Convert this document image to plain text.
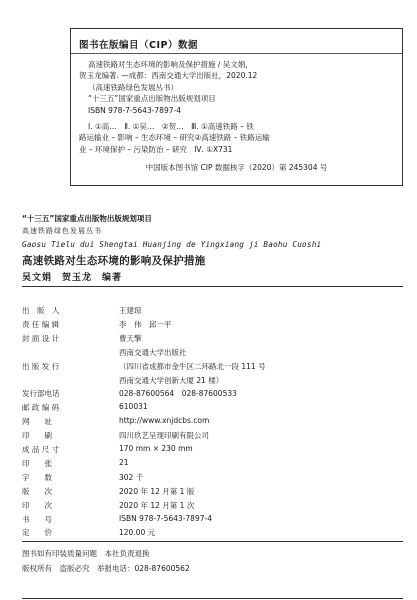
图书在版编目（CIP）数据
高速铁路对生态环境的影响及保护措施 / 吴文娟，
贺玉龙编著. —成都：西南交通大学出版社，2020.12
（高速铁路绿色发展丛书）
“十三五”国家重点出版物出版规划项目
ISBN 978-7-5643-7897-4
Ⅰ. ①高…　Ⅱ. ①吴…　②贺…　Ⅲ. ①高速铁路 – 铁
路运输业 – 影响 – 生态环境 – 研究②高速铁路 – 铁路运输
业 – 环境保护 – 污染防治 – 研究　Ⅳ. ①X731
中国版本图书馆 CIP 数据核字（2020）第 245304 号
“十三五”国家重点出版物出版规划项目
高速铁路绿色发展丛书
Gaosu Tielu dui Shengtai Huanjing de Yingxiang ji Baohu Cuoshi
高速铁路对生态环境的影响及保护措施
吴文娟　贺玉龙　编著
出　版　人	王建琼
责 任 编 辑	李　伟　邱一平
封 面 设 计	曹天擎
西南交通大学出版社
出 版 发 行	（四川省成都市金牛区二环路北一段 111 号
西南交通大学创新大厦 21 楼）
发行部电话	028-87600564　028-87600533
邮 政 编 码	610031
网　　址	http://www.xnjdcbs.com
印　　刷	四川玖艺呈现印刷有限公司
成 品 尺 寸	170 mm × 230 mm
印　　张	21
字　　数	302 千
版　　次	2020 年 12 月第 1 版
印　　次	2020 年 12 月第 1 次
书　　号	ISBN 978-7-5643-7897-4
定　　价	120.00 元
图书如有印装质量问题　本社负责退换
版权所有　盗版必究　举报电话：028-87600562
